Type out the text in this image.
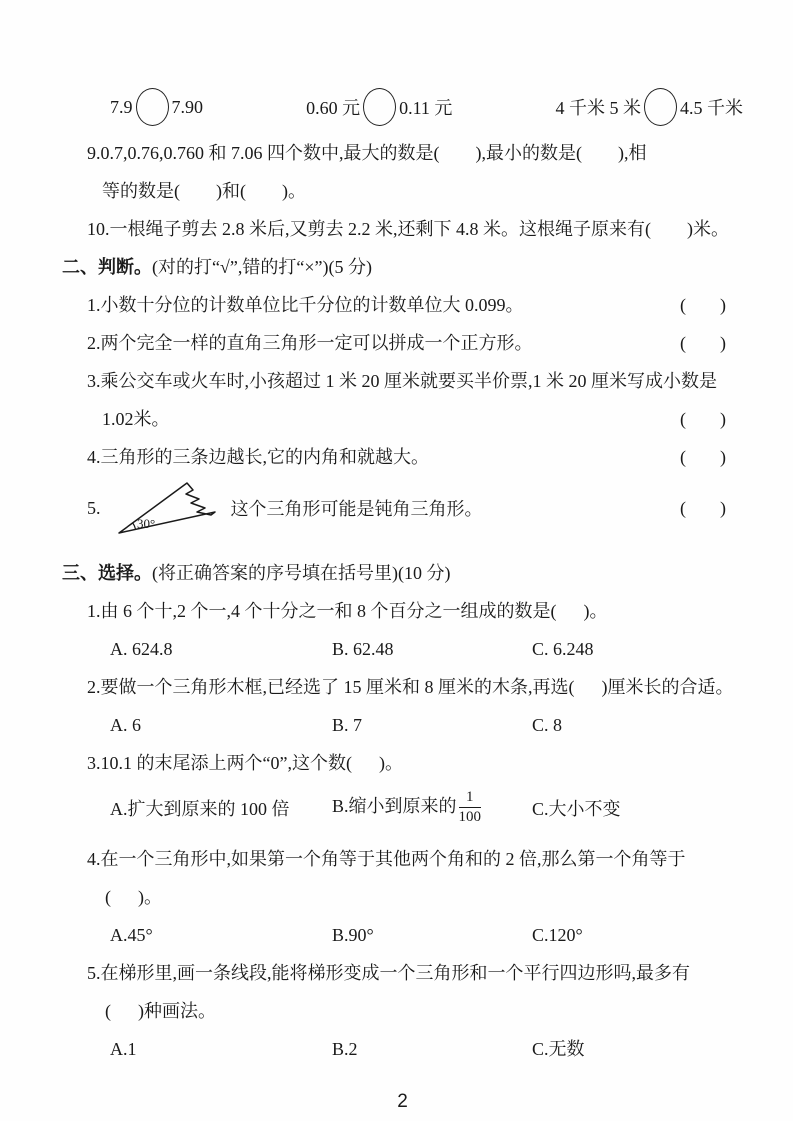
7.9 7.90	0.60 元 0.11 元	4 千米 5 米 4.5 千米

9.0.7,0.76,0.760 和 7.06 四个数中,最大的数是(        ),最小的数是(        ),相

等的数是(        )和(        )。

10.一根绳子剪去 2.8 米后,又剪去 2.2 米,还剩下 4.8 米。这根绳子原来有(        )米。

二、判断。(对的打“√”,错的打“×”)(5 分)

1.小数十分位的计数单位比千分位的计数单位大 0.099。	(      )

2.两个完全一样的直角三角形一定可以拼成一个正方形。	(      )

3.乘公交车或火车时,小孩超过 1 米 20 厘米就要买半价票,1 米 20 厘米写成小数是

1.02米。	(      )

4.三角形的三条边越长,它的内角和就越大。	(      )

5.
30°
这个三角形可能是钝角三角形。	(      )

三、选择。(将正确答案的序号填在括号里)(10 分)

1.由 6 个十,2 个一,4 个十分之一和 8 个百分之一组成的数是(      )。

A. 624.8	B. 62.48	C. 6.248

2.要做一个三角形木框,已经选了 15 厘米和 8 厘米的木条,再选(      )厘米长的合适。

A. 6	B. 7	C. 8

3.10.1 的末尾添上两个“0”,这个数(      )。

A.扩大到原来的 100 倍	B.缩小到原来的 $\frac{1}{100}$	C.大小不变

4.在一个三角形中,如果第一个角等于其他两个角和的 2 倍,那么第一个角等于

(      )。

A.45°	B.90°	C.120°

5.在梯形里,画一条线段,能将梯形变成一个三角形和一个平行四边形吗,最多有

(      )种画法。

A.1	B.2	C.无数
2
